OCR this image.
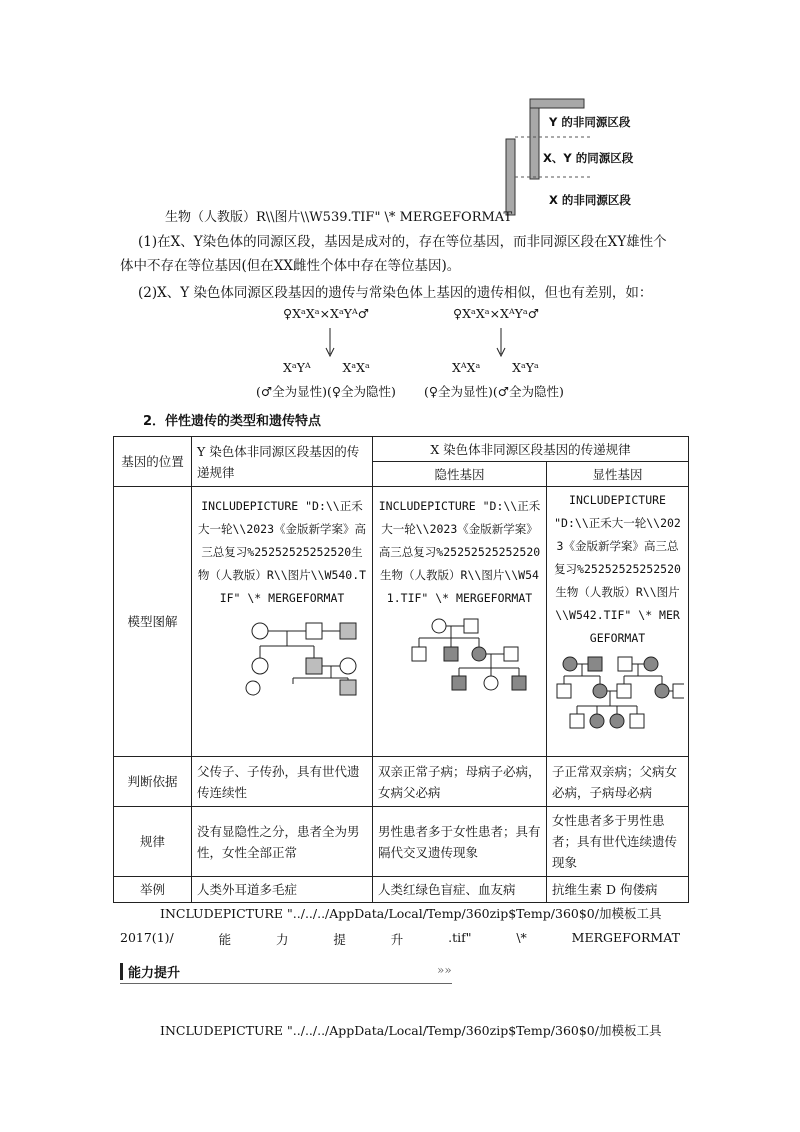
Y 的非同源区段
X、Y 的同源区段
X 的非同源区段
生物（人教版）R\\图片\\W539.TIF" \* MERGEFORMAT
(1)在X、Y染色体的同源区段，基因是成对的，存在等位基因，而非同源区段在XY雄性个体中不存在等位基因(但在XX雌性个体中存在等位基因)。
(2)X、Y 染色体同源区段基因的遗传与常染色体上基因的遗传相似，但也有差别，如：
♀XᵃXᵃ×XᵃYᴬ♂	♀XᵃXᵃ×XᴬYᵃ♂
XᵃYᴬ        XᵃXᵃ	XᴬXᵃ        XᵃYᵃ
(♂全为显性)(♀全为隐性) (♀全为显性)(♂全为隐性)
2．伴性遗传的类型和遗传特点
基因的位置	Y 染色体非同源区段基因的传递规律	X 染色体非同源区段基因的传递规律	
		隐性基因	显性基因
模型图解	INCLUDEPICTURE "D:\\正禾大一轮\\2023《金版新学案》高三总复习%25252525252520生物（人教版）R\\图片\\W540.TIF" \* MERGEFORMAT	INCLUDEPICTURE "D:\\正禾大一轮\\2023《金版新学案》高三总复习%25252525252520生物（人教版）R\\图片\\W541.TIF" \* MERGEFORMAT	INCLUDEPICTURE "D:\\正禾大一轮\\2023《金版新学案》高三总复习%25252525252520生物（人教版）R\\图片\\W542.TIF" \* MERGEFORMAT

判断依据	父传子、子传孙，具有世代遗传连续性	双亲正常子病；母病子必病，女病父必病	子正常双亲病；父病女必病，子病母必病
规律	没有显隐性之分，患者全为男性，女性全部正常	男性患者多于女性患者；具有隔代交叉遗传现象	女性患者多于男性患者；具有世代连续遗传现象
举例	人类外耳道多毛症	人类红绿色盲症、血友病	抗维生素 D 佝偻病
INCLUDEPICTURE "../../../AppData/Local/Temp/360zip$Temp/360$0/加模板工具
2017(1)/	能	力	提	升	.tif"	\*	MERGEFORMAT
能力提升	»»
INCLUDEPICTURE "../../../AppData/Local/Temp/360zip$Temp/360$0/加模板工具
